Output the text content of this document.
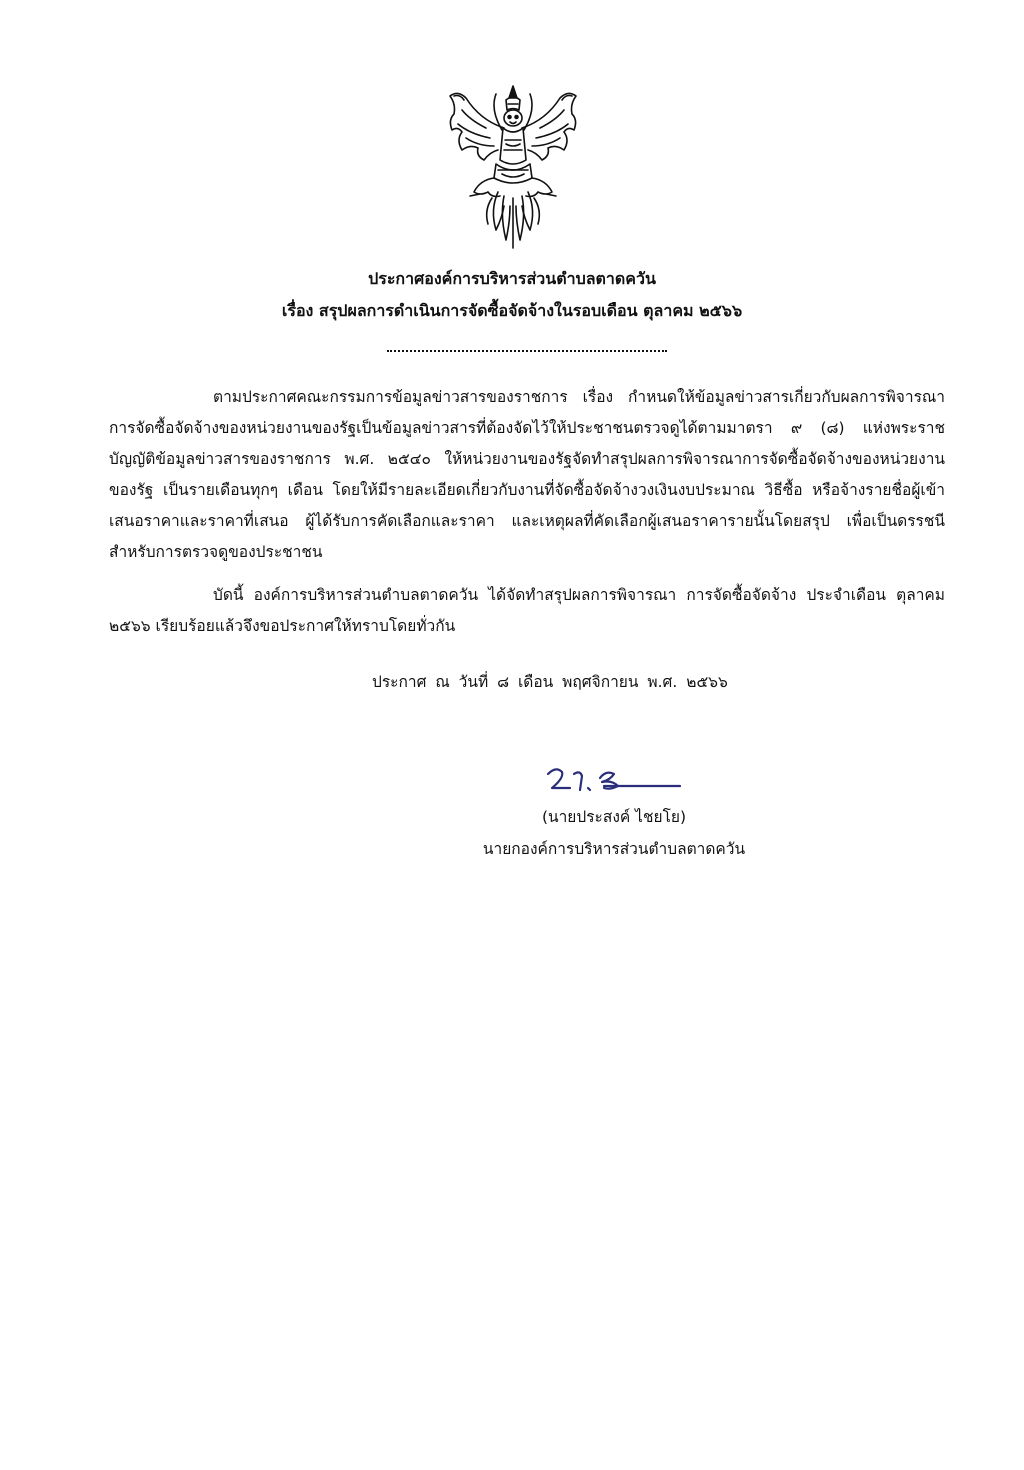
ประกาศองค์การบริหารส่วนตำบลตาดควัน
เรื่อง สรุปผลการดำเนินการจัดซื้อจัดจ้างในรอบเดือน ตุลาคม ๒๕๖๖

ตามประกาศคณะกรรมการข้อมูลข่าวสารของราชการ เรื่อง กำหนดให้ข้อมูลข่าวสารเกี่ยวกับผลการพิจารณาการจัดซื้อจัดจ้างของหน่วยงานของรัฐเป็นข้อมูลข่าวสารที่ต้องจัดไว้ให้ประชาชนตรวจดูได้ตามมาตรา ๙ (๘) แห่งพระราชบัญญัติข้อมูลข่าวสารของราชการ พ.ศ. ๒๕๔๐ ให้หน่วยงานของรัฐจัดทำสรุปผลการพิจารณาการจัดซื้อจัดจ้างของหน่วยงานของรัฐ เป็นรายเดือนทุกๆ เดือน โดยให้มีรายละเอียดเกี่ยวกับงานที่จัดซื้อจัดจ้างวงเงินงบประมาณ วิธีซื้อ หรือจ้างรายชื่อผู้เข้าเสนอราคาและราคาที่เสนอ ผู้ได้รับการคัดเลือกและราคา และเหตุผลที่คัดเลือกผู้เสนอราคารายนั้นโดยสรุป เพื่อเป็นดรรชนีสำหรับการตรวจดูของประชาชน

บัดนี้ องค์การบริหารส่วนตำบลตาดควัน ได้จัดทำสรุปผลการพิจารณา การจัดซื้อจัดจ้าง ประจำเดือน ตุลาคม ๒๕๖๖ เรียบร้อยแล้วจึงขอประกาศให้ทราบโดยทั่วกัน

ประกาศ ณ วันที่ ๘ เดือน พฤศจิกายน พ.ศ. ๒๕๖๖
(นายประสงค์ ไชยโย)
นายกองค์การบริหารส่วนตำบลตาดควัน
